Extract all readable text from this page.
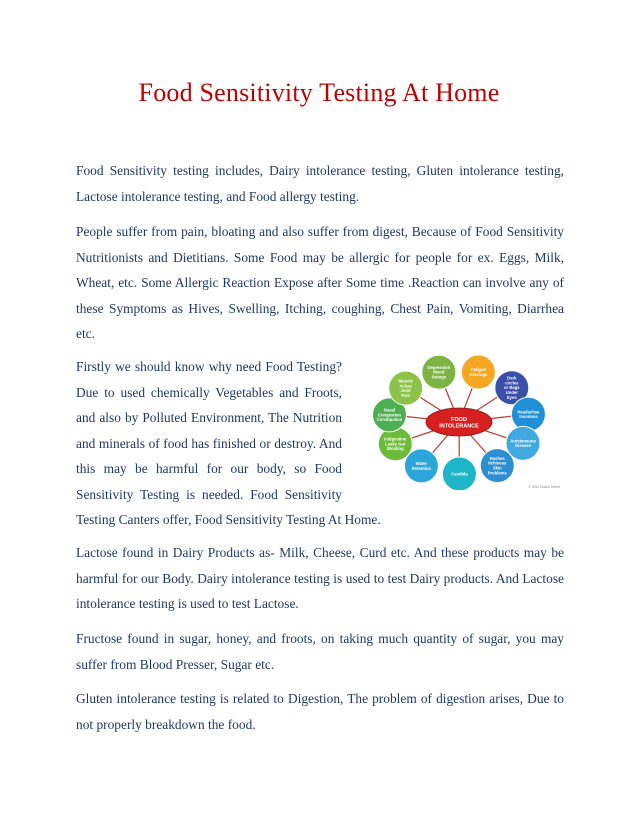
Food Sensitivity Testing At Home

Food Sensitivity testing includes, Dairy intolerance testing, Gluten intolerance testing, Lactose intolerance testing, and Food allergy testing.

People suffer from pain, bloating and also suffer from digest, Because of Food Sensitivity Nutritionists and Dietitians. Some Food may be allergic for people for ex. Eggs, Milk, Wheat, etc. Some Allergic Reaction Expose after Some time .Reaction can involve any of these Symptoms as Hives, Swelling, Itching, coughing, Chest Pain, Vomiting, Diarrhea etc.

Fatigue Cravings
Dark circles or Bags Under Eyes
Headaches Insomnia
Autoimmune Disease
Rashes Itchiness Skin Problems
Candida
Water Retention
Indigestion Leaky Gut Bloating
Nasal Congestion Constipation
Muscle Aches Joint Pain
Depression Mood Swings
FOOD INTOLERANCE
© 2011 Bucks Direct
Firstly we should know why need Food Testing? Due to used chemically Vegetables and Froots, and also by Polluted Environment, The Nutrition and minerals of food has finished or destroy. And this may be harmful for our body, so Food Sensitivity Testing is needed. Food Sensitivity Testing Canters offer, Food Sensitivity Testing At Home.

Lactose found in Dairy Products as- Milk, Cheese, Curd etc. And these products may be harmful for our Body. Dairy intolerance testing is used to test Dairy products. And Lactose intolerance testing is used to test Lactose.

Fructose found in sugar, honey, and froots, on taking much quantity of sugar, you may suffer from Blood Presser, Sugar etc.

Gluten intolerance testing is related to Digestion, The problem of digestion arises, Due to not properly breakdown the food.
